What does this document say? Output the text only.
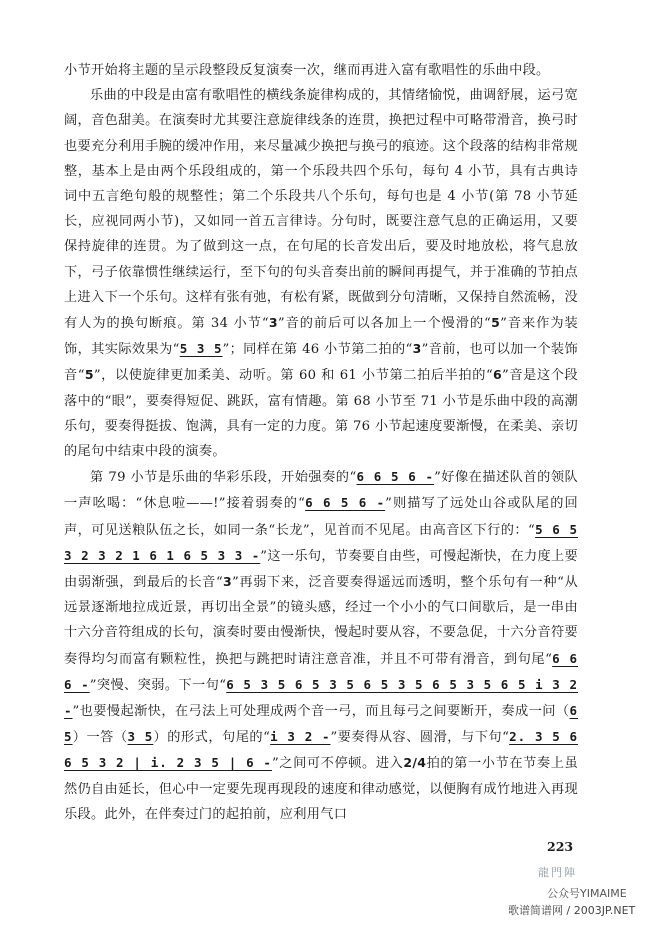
小节开始将主题的呈示段整段反复演奏一次，继而再进入富有歌唱性的乐曲中段。

乐曲的中段是由富有歌唱性的横线条旋律构成的，其情绪愉悦，曲调舒展，运弓宽阔，音色甜美。在演奏时尤其要注意旋律线条的连贯，换把过程中可略带滑音，换弓时也要充分利用手腕的缓冲作用，来尽量减少换把与换弓的痕迹。这个段落的结构非常规整，基本上是由两个乐段组成的，第一个乐段共四个乐句，每句 4 小节，具有古典诗词中五言绝句般的规整性；第二个乐段共八个乐句，每句也是 4 小节(第 78 小节延长，应视同两小节)，又如同一首五言律诗。分句时，既要注意气息的正确运用，又要保持旋律的连贯。为了做到这一点，在句尾的长音发出后，要及时地放松，将气息放下，弓子依靠惯性继续运行，至下句的句头音奏出前的瞬间再提气，并于准确的节拍点上进入下一个乐句。这样有张有弛，有松有紧，既做到分句清晰，又保持自然流畅，没有人为的换句断痕。第 34 小节“3”音的前后可以各加上一个慢滑的“5”音来作为装饰，其实际效果为“5 3 5”；同样在第 46 小节第二拍的“3”音前，也可以加一个装饰音“5”，以使旋律更加柔美、动听。第 60 和 61 小节第二拍后半拍的“6”音是这个段落中的“眼”，要奏得短促、跳跃，富有情趣。第 68 小节至 71 小节是乐曲中段的高潮乐句，要奏得挺拔、饱满，具有一定的力度。第 76 小节起速度要渐慢，在柔美、亲切的尾句中结束中段的演奏。

第 79 小节是乐曲的华彩乐段，开始强奏的“6 6 5 6 -”好像在描述队首的领队一声吆喝：“休息啦——!”接着弱奏的“6 6 5 6 -”则描写了远处山谷或队尾的回声，可见送粮队伍之长，如同一条“长龙”，见首而不见尾。由高音区下行的：“5 6 5 3 2 3 2 1 6 1 6 5 3 3 -”这一乐句，节奏要自由些，可慢起渐快，在力度上要由弱渐强，到最后的长音“3”再弱下来，泛音要奏得遥远而透明，整个乐句有一种“从远景逐渐地拉成近景，再切出全景”的镜头感，经过一个小小的气口间歇后，是一串由十六分音符组成的长句，演奏时要由慢渐快，慢起时要从容，不要急促，十六分音符要奏得均匀而富有颗粒性，换把与跳把时请注意音准，并且不可带有滑音，到句尾“6 6 6 -”突慢、突弱。下一句“6 5 3 5 6 5 3 5 6 5 3 5 6 5 3 5 6 5 i 3 2 -”也要慢起渐快，在弓法上可处理成两个音一弓，而且每弓之间要断开，奏成一问（6 5）一答（3 5）的形式，句尾的“i 3 2 -”要奏得从容、圆滑，与下句“2. 3 5 6 6 5 3 2 | i. 2 3 5 | 6 -”之间可不停顿。进入2/4拍的第一小节在节奏上虽然仍自由延长，但心中一定要先现再现段的速度和律动感觉，以便胸有成竹地进入再现乐段。此外，在伴奏过门的起拍前，应利用气口

223
龍門陣
公众号YIMAIME
歌谱简谱网 / 2003JP.NET
